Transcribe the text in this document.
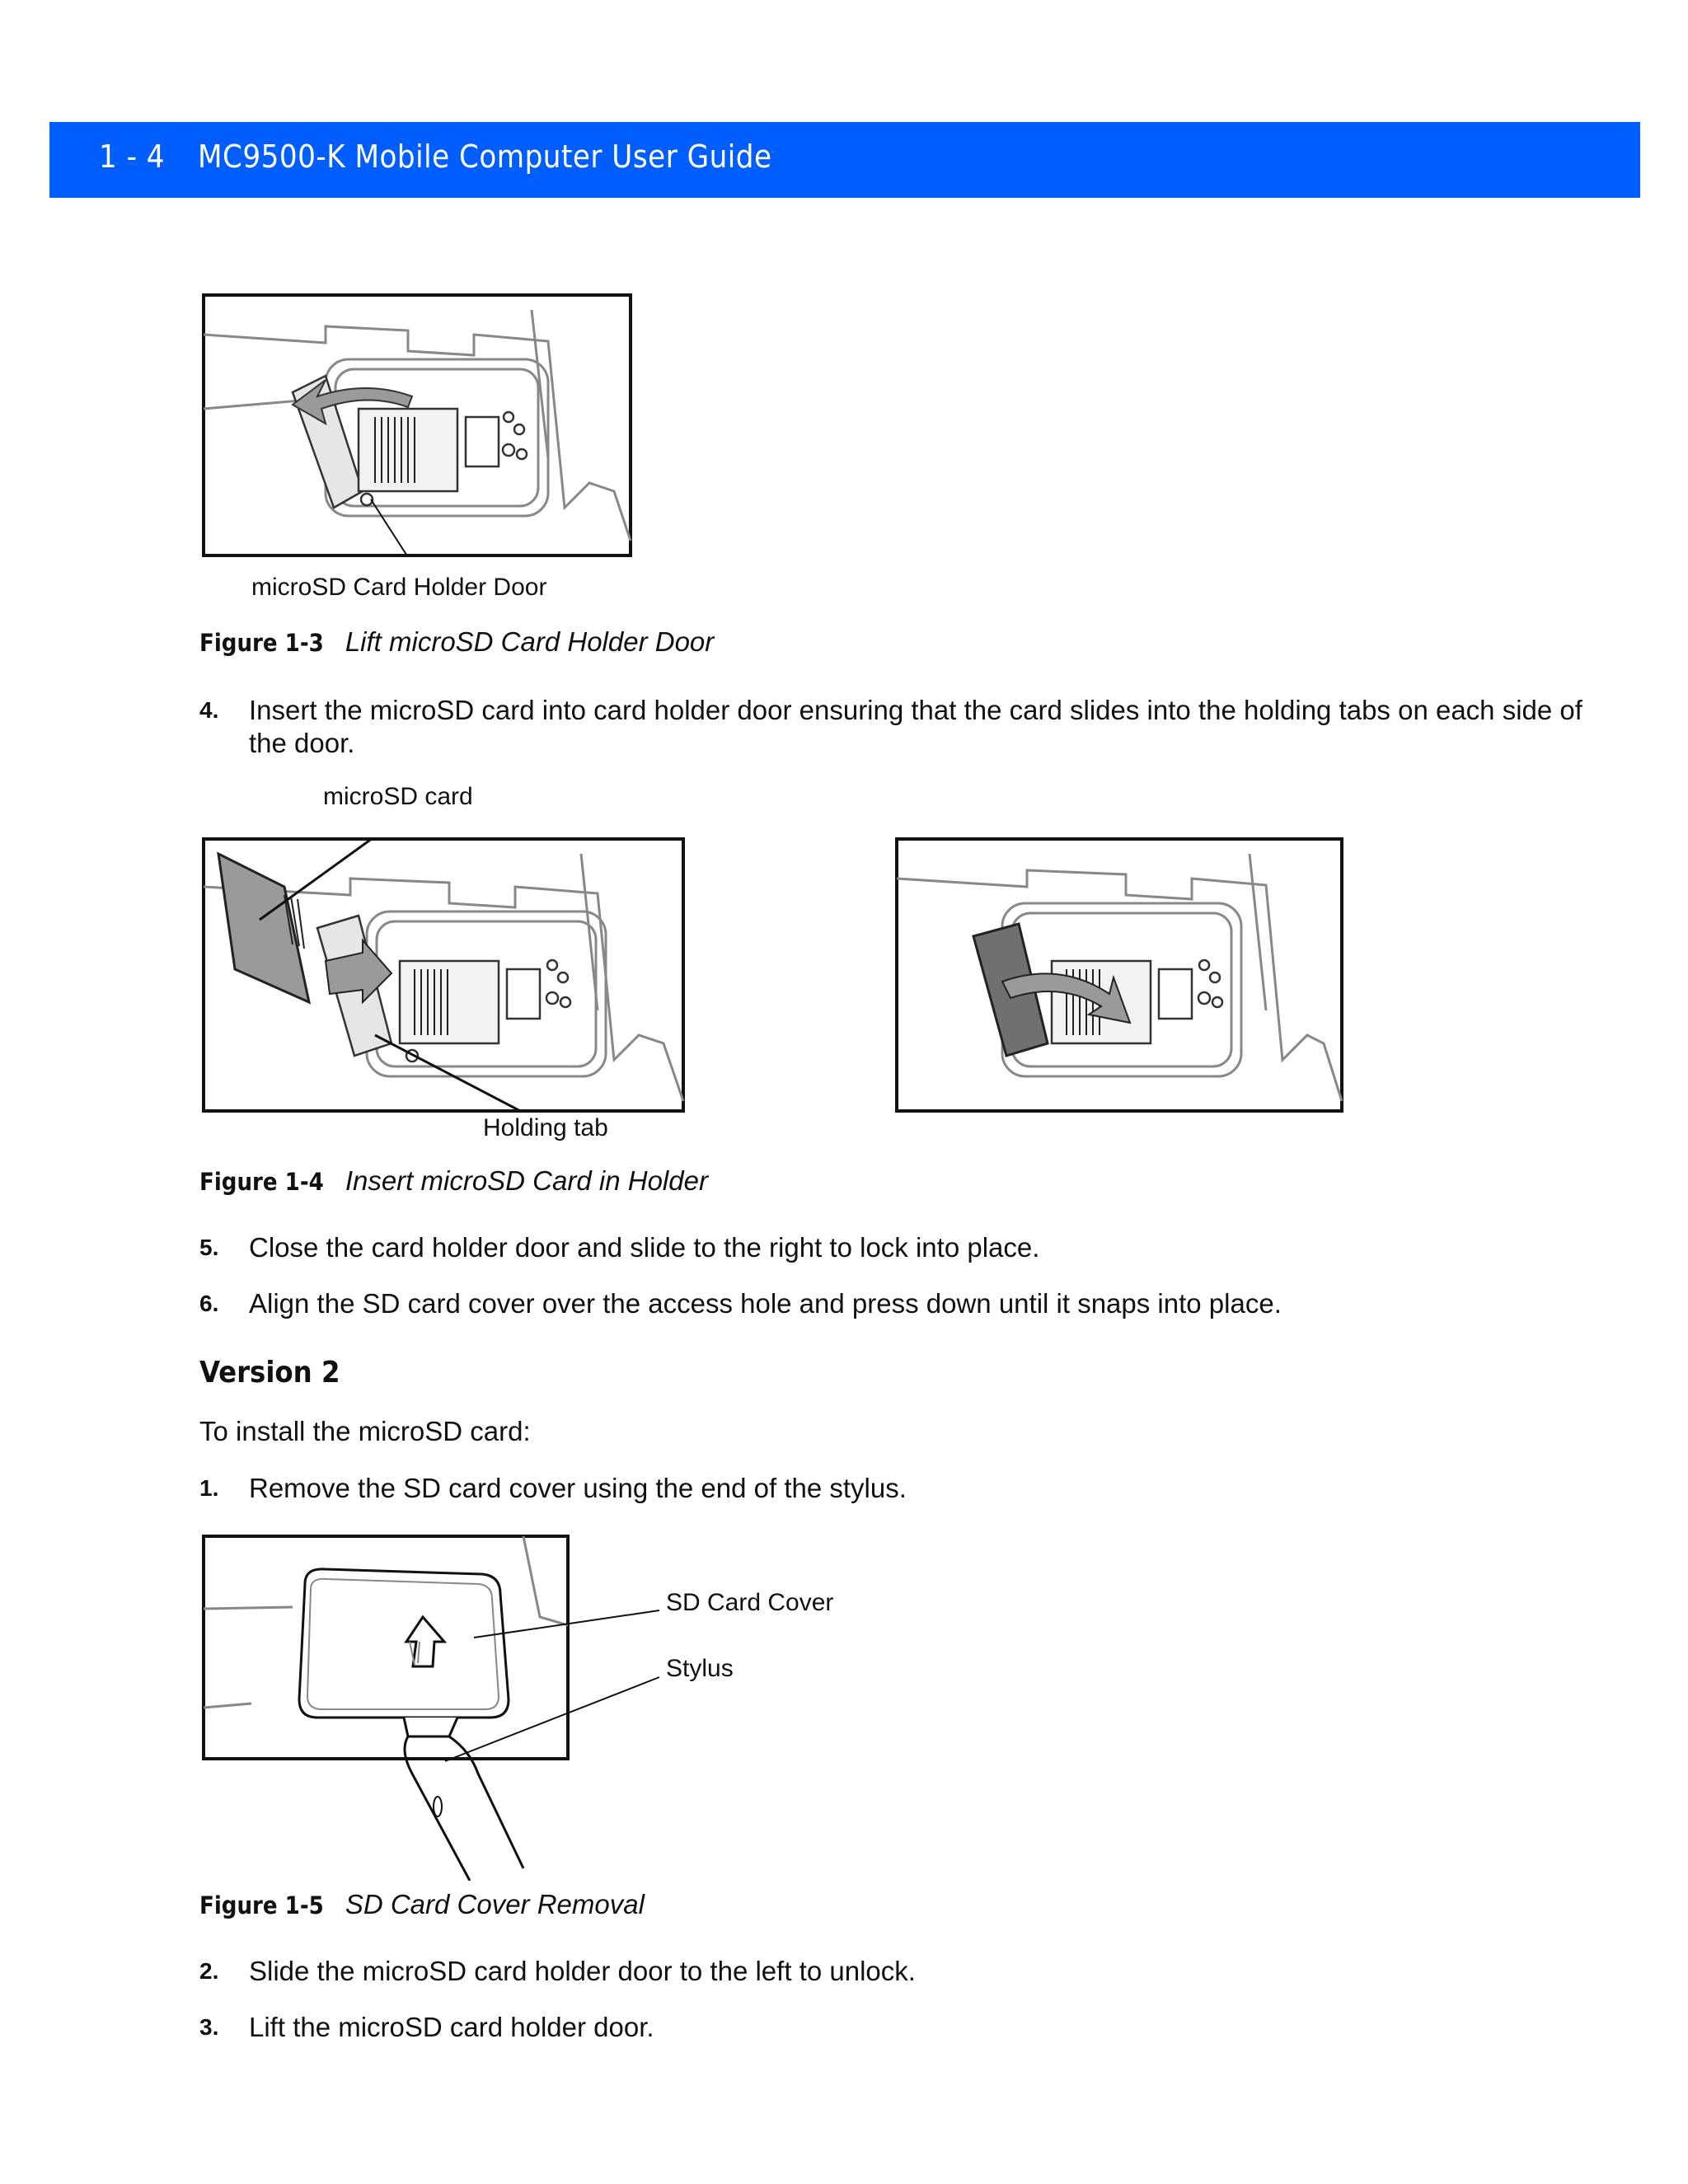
1 - 4 MC9500-K Mobile Computer User Guide
microSD Card Holder Door
Figure 1-3 Lift microSD Card Holder Door
4.	Insert the microSD card into card holder door ensuring that the card slides into the holding tabs on each side of the door.
microSD card
Holding tab
Figure 1-4 Insert microSD Card in Holder
5.	Close the card holder door and slide to the right to lock into place.
6.	Align the SD card cover over the access hole and press down until it snaps into place.
Version 2
To install the microSD card:
1.	Remove the SD card cover using the end of the stylus.
SD Card Cover
Stylus
Figure 1-5 SD Card Cover Removal
2.	Slide the microSD card holder door to the left to unlock.
3.	Lift the microSD card holder door.
